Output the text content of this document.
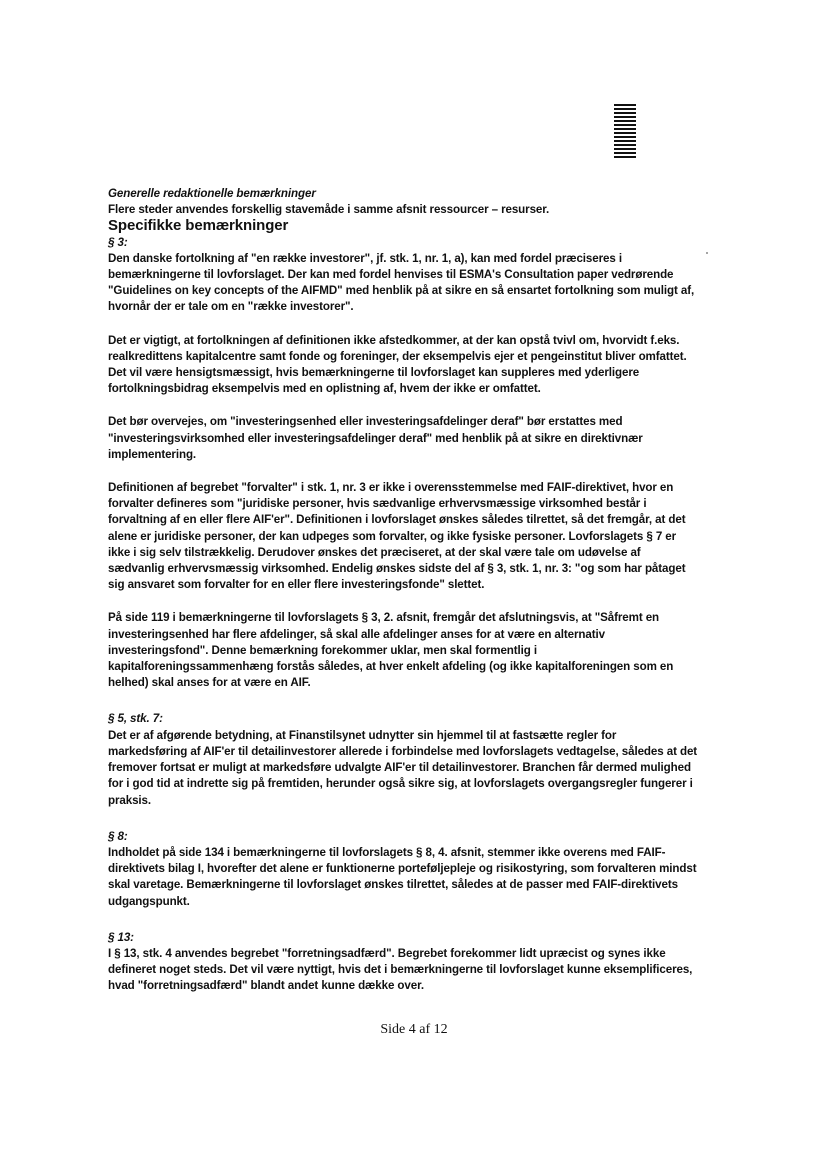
Generelle redaktionelle bemærkninger

Flere steder anvendes forskellig stavemåde i samme afsnit ressourcer – resurser.

Specifikke bemærkninger

§ 3:

Den danske fortolkning af "en række investorer", jf. stk. 1, nr. 1, a), kan med fordel præciseres i bemærkningerne til lovforslaget. Der kan med fordel henvises til ESMA's Consultation paper vedrørende "Guidelines on key concepts of the AIFMD" med henblik på at sikre en så ensartet fortolkning som muligt af, hvornår der er tale om en "række investorer".

Det er vigtigt, at fortolkningen af definitionen ikke afstedkommer, at der kan opstå tvivl om, hvorvidt f.eks. realkredittens kapitalcentre samt fonde og foreninger, der eksempelvis ejer et pengeinstitut bliver omfattet. Det vil være hensigtsmæssigt, hvis bemærkningerne til lovforslaget kan suppleres med yderligere fortolkningsbidrag eksempelvis med en oplistning af, hvem der ikke er omfattet.

Det bør overvejes, om "investeringsenhed eller investeringsafdelinger deraf" bør erstattes med "investeringsvirksomhed eller investeringsafdelinger deraf" med henblik på at sikre en direktivnær implementering.

Definitionen af begrebet "forvalter" i stk. 1, nr. 3 er ikke i overensstemmelse med FAIF-direktivet, hvor en forvalter defineres som "juridiske personer, hvis sædvanlige erhvervsmæssige virksomhed består i forvaltning af en eller flere AIF'er". Definitionen i lovforslaget ønskes således tilrettet, så det fremgår, at det alene er juridiske personer, der kan udpeges som forvalter, og ikke fysiske personer. Lovforslagets § 7 er ikke i sig selv tilstrækkelig. Derudover ønskes det præciseret, at der skal være tale om udøvelse af sædvanlig erhvervsmæssig virksomhed. Endelig ønskes sidste del af § 3, stk. 1, nr. 3: "og som har påtaget sig ansvaret som forvalter for en eller flere investeringsfonde" slettet.

På side 119 i bemærkningerne til lovforslagets § 3, 2. afsnit, fremgår det afslutningsvis, at "Såfremt en investeringsenhed har flere afdelinger, så skal alle afdelinger anses for at være en alternativ investeringsfond". Denne bemærkning forekommer uklar, men skal formentlig i kapitalforeningssammenhæng forstås således, at hver enkelt afdeling (og ikke kapitalforeningen som en helhed) skal anses for at være en AIF.

§ 5, stk. 7:

Det er af afgørende betydning, at Finanstilsynet udnytter sin hjemmel til at fastsætte regler for markedsføring af AIF'er til detailinvestorer allerede i forbindelse med lovforslagets vedtagelse, således at det fremover fortsat er muligt at markedsføre udvalgte AIF'er til detailinvestorer. Branchen får dermed mulighed for i god tid at indrette sig på fremtiden, herunder også sikre sig, at lovforslagets overgangsregler fungerer i praksis.

§ 8:

Indholdet på side 134 i bemærkningerne til lovforslagets § 8, 4. afsnit, stemmer ikke overens med FAIF-direktivets bilag I, hvorefter det alene er funktionerne porteføljepleje og risikostyring, som forvalteren mindst skal varetage. Bemærkningerne til lovforslaget ønskes tilrettet, således at de passer med FAIF-direktivets udgangspunkt.

§ 13:

I § 13, stk. 4 anvendes begrebet "forretningsadfærd". Begrebet forekommer lidt upræcist og synes ikke defineret noget steds. Det vil være nyttigt, hvis det i bemærkningerne til lovforslaget kunne eksemplificeres, hvad "forretningsadfærd" blandt andet kunne dække over.

Side 4 af 12
